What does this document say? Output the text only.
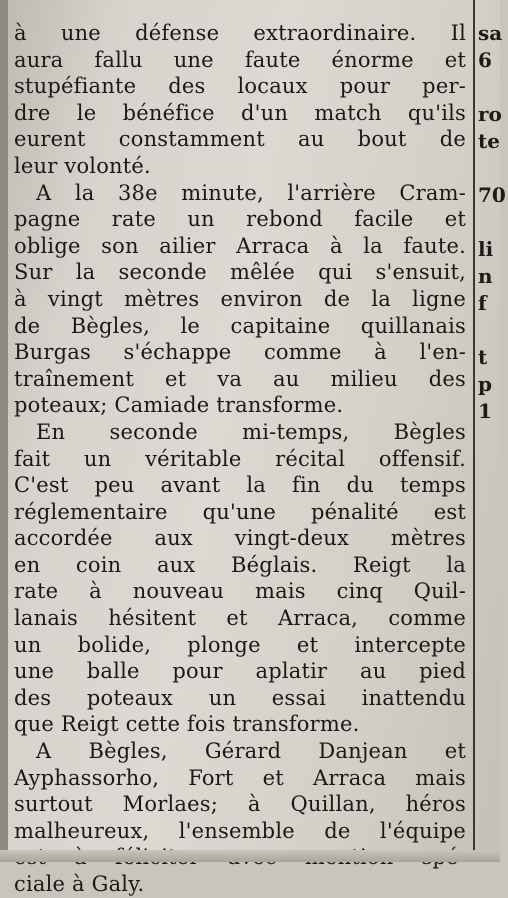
à une défense extraordinaire. Il
aura fallu une faute énorme et
stupéfiante des locaux pour per-
dre le bénéfice d'un match qu'ils
eurent constamment au bout de
leur volonté.
A la 38e minute, l'arrière Cram-
pagne rate un rebond facile et
oblige son ailier Arraca à la faute.
Sur la seconde mêlée qui s'ensuit,
à vingt mètres environ de la ligne
de Bègles, le capitaine quillanais
Burgas s'échappe comme à l'en-
traînement et va au milieu des
poteaux; Camiade transforme.
En seconde mi-temps, Bègles
fait un véritable récital offensif.
C'est peu avant la fin du temps
réglementaire qu'une pénalité est
accordée aux vingt-deux mètres
en coin aux Béglais. Reigt la
rate à nouveau mais cinq Quil-
lanais hésitent et Arraca, comme
un bolide, plonge et intercepte
une balle pour aplatir au pied
des poteaux un essai inattendu
que Reigt cette fois transforme.
A Bègles, Gérard Danjean et
Ayphassorho, Fort et Arraca mais
surtout Morlaes; à Quillan, héros
malheureux, l'ensemble de l'équipe
ciale à Galy.
sa
6
ro
te
70
li
n
f
t
p
1
